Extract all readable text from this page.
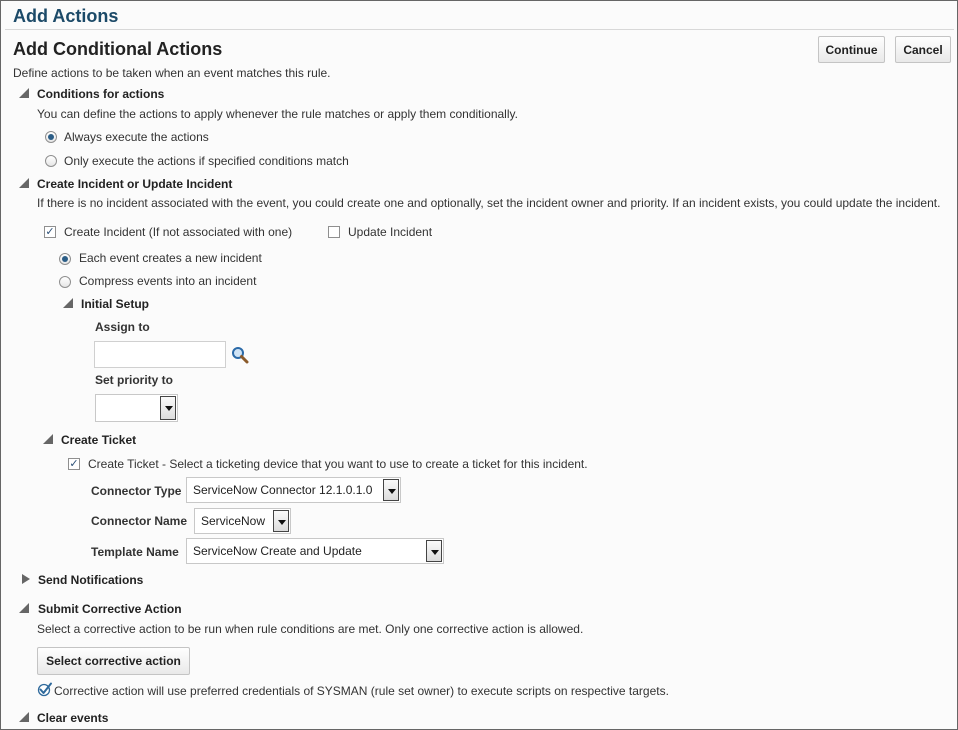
Add Actions
Add Conditional Actions	Continue	Cancel
Define actions to be taken when an event matches this rule.
Conditions for actions
You can define the actions to apply whenever the rule matches or apply them conditionally.
Always execute the actions
Only execute the actions if specified conditions match
Create Incident or Update Incident
If there is no incident associated with the event, you could create one and optionally, set the incident owner and priority. If an incident exists, you could update the incident.
✓ Create Incident (If not associated with one)	Update Incident
Each event creates a new incident
Compress events into an incident
Initial Setup
Assign to
Set priority to
Create Ticket
✓ Create Ticket - Select a ticketing device that you want to use to create a ticket for this incident.
Connector Type ServiceNow Connector 12.1.0.1.0
Connector Name ServiceNow
Template Name ServiceNow Create and Update
Send Notifications
Submit Corrective Action
Select a corrective action to be run when rule conditions are met. Only one corrective action is allowed.
Select corrective action
Corrective action will use preferred credentials of SYSMAN (rule set owner) to execute scripts on respective targets.
Clear events
